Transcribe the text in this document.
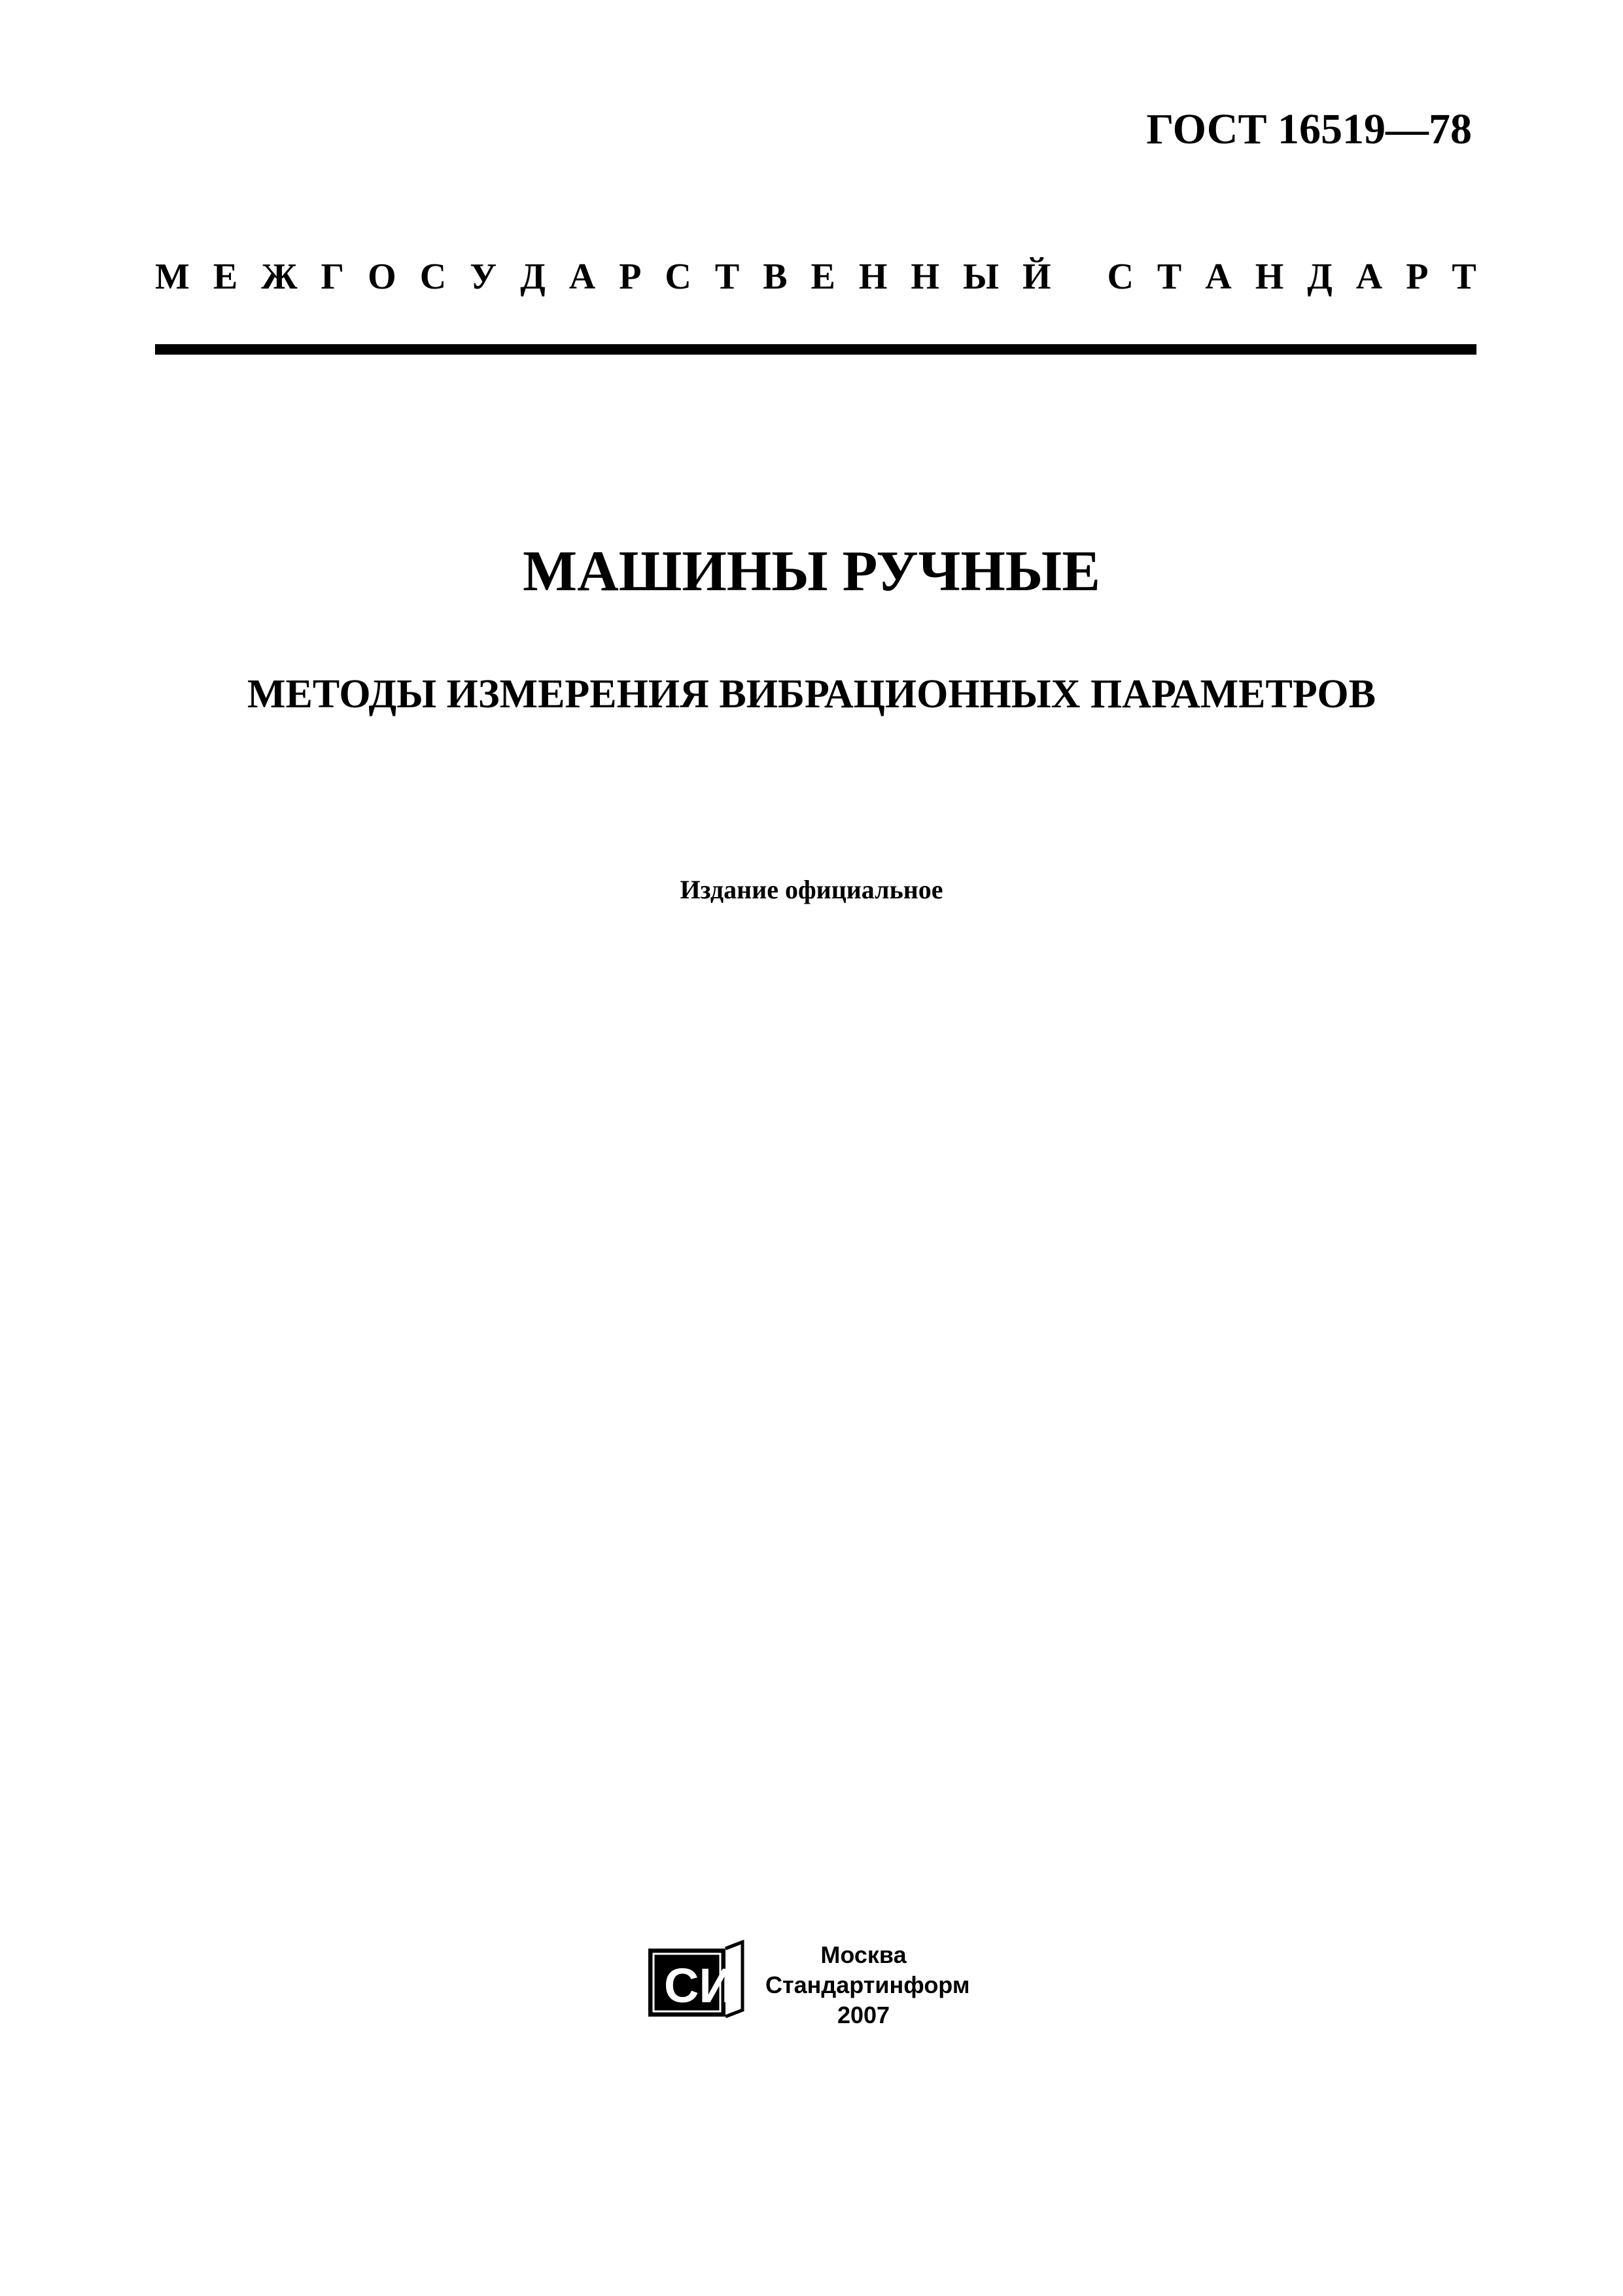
ГОСТ 16519—78
М Е Ж Г О С У Д А Р С Т В Е Н Н Ы Й
С Т А Н Д А Р Т
МАШИНЫ РУЧНЫЕ
МЕТОДЫ ИЗМЕРЕНИЯ ВИБРАЦИОННЫХ ПАРАМЕТРОВ
Издание официальное
СИ
Москва
Стандартинформ
2007
